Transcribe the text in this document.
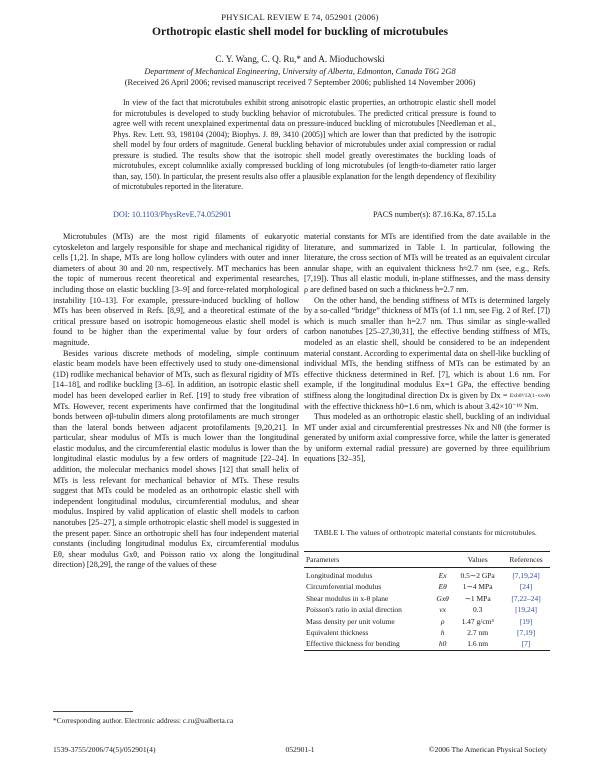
PHYSICAL REVIEW E 74, 052901 (2006)
Orthotropic elastic shell model for buckling of microtubules
C. Y. Wang, C. Q. Ru,* and A. Mioduchowski
Department of Mechanical Engineering, University of Alberta, Edmonton, Canada T6G 2G8
(Received 26 April 2006; revised manuscript received 7 September 2006; published 14 November 2006)
In view of the fact that microtubules exhibit strong anisotropic elastic properties, an orthotropic elastic shell model for microtubules is developed to study buckling behavior of microtubules. The predicted critical pressure is found to agree well with recent unexplained experimental data on pressure-induced buckling of microtubules [Needleman et al., Phys. Rev. Lett. 93, 198104 (2004); Biophys. J. 89, 3410 (2005)] which are lower than that predicted by the isotropic shell model by four orders of magnitude. General buckling behavior of microtubules under axial compression or radial pressure is studied. The results show that the isotropic shell model greatly overestimates the buckling loads of microtubules, except columnlike axially compressed buckling of long microtubules (of length-to-diameter ratio larger than, say, 150). In particular, the present results also offer a plausible explanation for the length dependency of flexibility of microtubules reported in the literature.
DOI: 10.1103/PhysRevE.74.052901	PACS number(s): 87.16.Ka, 87.15.La

Microtubules (MTs) are the most rigid filaments of eukaryotic cytoskeleton and largely responsible for shape and mechanical rigidity of cells [1,2]. In shape, MTs are long hollow cylinders with outer and inner diameters of about 30 and 20 nm, respectively. MT mechanics has been the topic of numerous recent theoretical and experimental researches, including those on elastic buckling [3–9] and force-related morphological instability [10–13]. For example, pressure-induced buckling of hollow MTs has been observed in Refs. [8,9], and a theoretical estimate of the critical pressure based on isotropic homogeneous elastic shell model is found to be higher than the experimental value by four orders of magnitude.

Besides various discrete methods of modeling, simple continuum elastic beam models have been effectively used to study one-dimensional (1D) rodlike mechanical behavior of MTs, such as flexural rigidity of MTs [14–18], and rodlike buckling [3–6]. In addition, an isotropic elastic shell model has been developed earlier in Ref. [19] to study free vibration of MTs. However, recent experiments have confirmed that the longitudinal bonds between αβ-tubulin dimers along protofilaments are much stronger than the lateral bonds between adjacent protofilaments [9,20,21]. In particular, shear modulus of MTs is much lower than the longitudinal elastic modulus, and the circumferential elastic modulus is lower than the longitudinal elastic modulus by a few orders of magnitude [22–24]. In addition, the molecular mechanics model shows [12] that small helix of MTs is less relevant for mechanical behavior of MTs. These results suggest that MTs could be modeled as an orthotropic elastic shell with independent longitudinal modulus, circumferential modulus, and shear modulus. Inspired by valid application of elastic shell models to carbon nanotubes [25–27], a simple orthotropic elastic shell model is suggested in the present paper. Since an orthotropic shell has four independent material constants (including longitudinal modulus Ex, circumferential modulus Eθ, shear modulus Gxθ, and Poisson ratio νx along the longitudinal direction) [28,29], the range of the values of these

material constants for MTs are identified from the date available in the literature, and summarized in Table I. In particular, following the literature, the cross section of MTs will be treated as an equivalent circular annular shape, with an equivalent thickness h≈2.7 nm (see, e.g., Refs. [7,19]). Thus all elastic moduli, in-plane stiffnesses, and the mass density ρ are defined based on such a thickness h=2.7 nm.

On the other hand, the bending stiffness of MTs is determined largely by a so-called “bridge” thickness of MTs (of 1.1 nm, see Fig. 2 of Ref. [7]) which is much smaller than h=2.7 nm. Thus similar as single-walled carbon nanotubes [25–27,30,31], the effective bending stiffness of MTs, modeled as an elastic shell, should be considered to be an independent material constant. According to experimental data on shell-like buckling of individual MTs, the bending stiffness of MTs can be estimated by an effective thickness determined in Ref. [7], which is about 1.6 nm. For example, if the longitudinal modulus Ex=1 GPa, the effective bending stiffness along the longitudinal direction Dx is given by Dx = Exh0³/12(1−νxνθ) with the effective thickness h0=1.6 nm, which is about 3.42×10⁻¹⁹ Nm.

Thus modeled as an orthotropic elastic shell, buckling of an individual MT under axial and circumferential prestresses Nx and Nθ (the former is generated by uniform axial compressive force, while the latter is generated by uniform external radial pressure) are governed by three equilibrium equations [32–35],

TABLE I. The values of orthotropic material constants for microtubules.
Parameters		Values	References
Longitudinal modulus	Ex	0.5∼2 GPa	[7,19,24]
Circumferential modulus	Eθ	1∼4 MPa	[24]
Shear modulus in x-θ plane	Gxθ	∼1 MPa	[7,22–24]
Poisson's ratio in axial direction	νx	0.3	[19,24]
Mass density per unit volume	ρ	1.47 g/cm³	[19]
Equivalent thickness	h	2.7 nm	[7,19]
Effective thickness for bending	h0	1.6 nm	[7]
*Corresponding author. Electronic address: c.ru@ualberta.ca
1539-3755/2006/74(5)/052901(4)	052901-1	©2006 The American Physical Society
